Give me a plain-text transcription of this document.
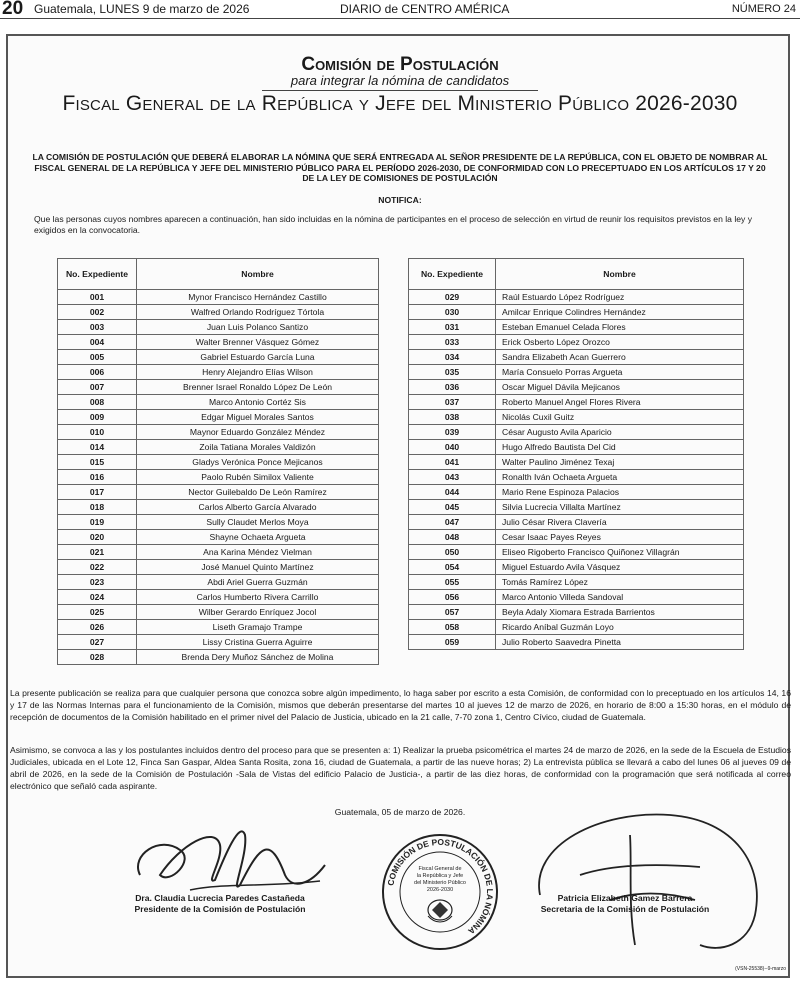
20 Guatemala, LUNES 9 de marzo de 2026	DIARIO de CENTRO AMÉRICA	NÚMERO 24
Comisión de Postulación
para integrar la nómina de candidatos
Fiscal General de la República y Jefe del Ministerio Público 2026-2030
LA COMISIÓN DE POSTULACIÓN QUE DEBERÁ ELABORAR LA NÓMINA QUE SERÁ ENTREGADA AL SEÑOR PRESIDENTE DE LA REPÚBLICA, CON EL OBJETO DE NOMBRAR AL FISCAL GENERAL DE LA REPÚBLICA Y JEFE DEL MINISTERIO PÚBLICO PARA EL PERÍODO 2026-2030, DE CONFORMIDAD CON LO PRECEPTUADO EN LOS ARTÍCULOS 17 Y 20 DE LA LEY DE COMISIONES DE POSTULACIÓN
NOTIFICA:
Que las personas cuyos nombres aparecen a continuación, han sido incluidas en la nómina de participantes en el proceso de selección en virtud de reunir los requisitos previstos en la ley y exigidos en la convocatoria.
No. Expediente	Nombre
001	Mynor Francisco Hernández Castillo
002	Walfred Orlando Rodríguez Tórtola
003	Juan Luis Polanco Santizo
004	Walter Brenner Vásquez Gómez
005	Gabriel Estuardo García Luna
006	Henry Alejandro Elías Wilson
007	Brenner Israel Ronaldo López De León
008	Marco Antonio Cortéz Sis
009	Edgar Miguel Morales Santos
010	Maynor Eduardo González Méndez
014	Zoila Tatiana Morales Valdizón
015	Gladys Verónica Ponce Mejicanos
016	Paolo Rubén Similox Valiente
017	Nector Guilebaldo De León Ramírez
018	Carlos Alberto García Alvarado
019	Sully Claudet Merlos Moya
020	Shayne Ochaeta Argueta
021	Ana Karina Méndez Vielman
022	José Manuel Quinto Martínez
023	Abdi Ariel Guerra Guzmán
024	Carlos Humberto Rivera Carrillo
025	Wilber Gerardo Enríquez Jocol
026	Liseth Gramajo Trampe
027	Lissy Cristina Guerra Aguirre
028	Brenda Dery Muñoz Sánchez de Molina
No. Expediente	Nombre
029	Raúl Estuardo López Rodríguez
030	Amilcar Enrique Colindres Hernández
031	Esteban Emanuel Celada Flores
033	Erick Osberto López Orozco
034	Sandra Elizabeth Acan Guerrero
035	María Consuelo Porras Argueta
036	Oscar Miguel Dávila Mejicanos
037	Roberto Manuel Angel Flores Rivera
038	Nicolás Cuxil Guitz
039	César Augusto Avila Aparicio
040	Hugo Alfredo Bautista Del Cid
041	Walter Paulino Jiménez Texaj
043	Ronalth Iván Ochaeta Argueta
044	Mario Rene Espinoza Palacios
045	Silvia Lucrecia Villalta Martínez
047	Julio César Rivera Clavería
048	Cesar Isaac Payes Reyes
050	Eliseo Rigoberto Francisco Quiñonez Villagrán
054	Miguel Estuardo Avila Vásquez
055	Tomás Ramírez López
056	Marco Antonio Villeda Sandoval
057	Beyla Adaly Xiomara Estrada Barrientos
058	Ricardo Aníbal Guzmán Loyo
059	Julio Roberto Saavedra Pinetta
La presente publicación se realiza para que cualquier persona que conozca sobre algún impedimento, lo haga saber por escrito a esta Comisión, de conformidad con lo preceptuado en los artículos 14, 16 y 17 de las Normas Internas para el funcionamiento de la Comisión, mismos que deberán presentarse del martes 10 al jueves 12 de marzo de 2026, en horario de 8:00 a 15:30 horas, en el módulo de recepción de documentos de la Comisión habilitado en el primer nivel del Palacio de Justicia, ubicado en la 21 calle, 7-70 zona 1, Centro Cívico, ciudad de Guatemala.
Asimismo, se convoca a las y los postulantes incluidos dentro del proceso para que se presenten a: 1) Realizar la prueba psicométrica el martes 24 de marzo de 2026, en la sede de la Escuela de Estudios Judiciales, ubicada en el Lote 12, Finca San Gaspar, Aldea Santa Rosita, zona 16, ciudad de Guatemala, a partir de las nueve horas; 2) La entrevista pública se llevará a cabo del lunes 06 al jueves 09 de abril de 2026, en la sede de la Comisión de Postulación -Sala de Vistas del edificio Palacio de Justicia-, a partir de las diez horas, de conformidad con la programación que será notificada al correo electrónico que señaló cada aspirante.
Guatemala, 05 de marzo de 2026.
Dra. Claudia Lucrecia Paredes Castañeda
Presidente de la Comisión de Postulación
Patricia Elizabeth Gamez Barrera
Secretaria de la Comisión de Postulación
COMISIÓN DE POSTULACIÓN DE LA NÓMINA
Fiscal General de
la República y Jefe
del Ministerio Público
2026-2030
(VSN-25538)--9-marzo
